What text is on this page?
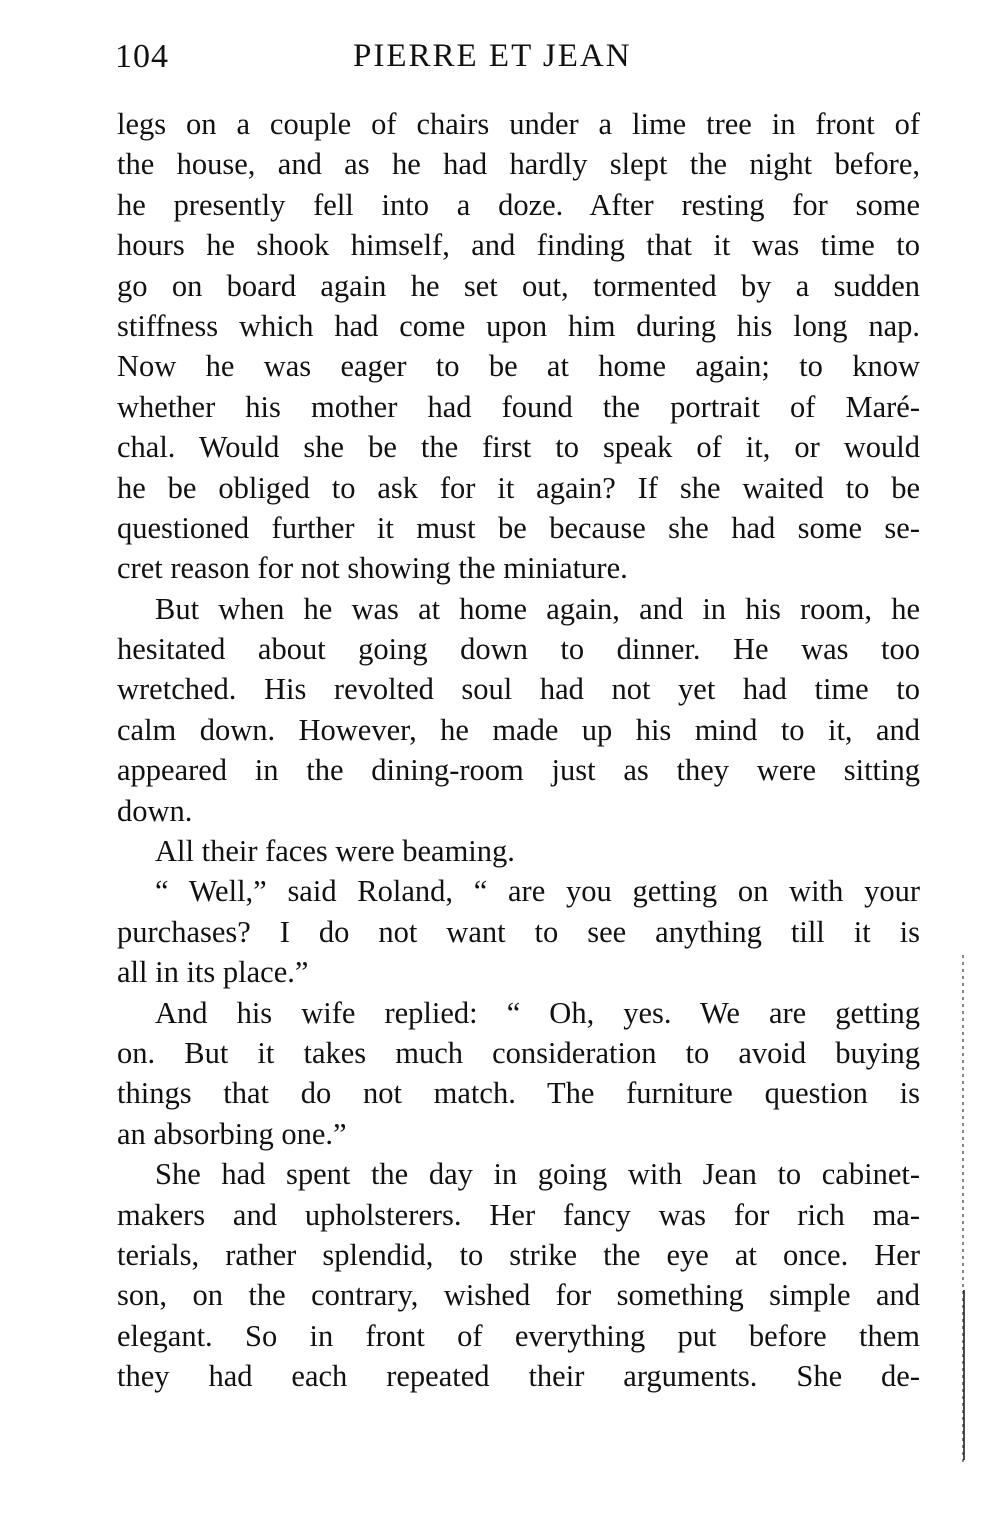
104	PIERRE ET JEAN
legs on a couple of chairs under a lime tree in front of
the house, and as he had hardly slept the night before,
he presently fell into a doze. After resting for some
hours he shook himself, and finding that it was time to
go on board again he set out, tormented by a sudden
stiffness which had come upon him during his long nap.
Now he was eager to be at home again; to know
whether his mother had found the portrait of Maré-
chal. Would she be the first to speak of it, or would
he be obliged to ask for it again? If she waited to be
questioned further it must be because she had some se-
cret reason for not showing the miniature.
But when he was at home again, and in his room, he
hesitated about going down to dinner. He was too
wretched. His revolted soul had not yet had time to
calm down. However, he made up his mind to it, and
appeared in the dining-room just as they were sitting
down.
All their faces were beaming.
“ Well,” said Roland, “ are you getting on with your
purchases? I do not want to see anything till it is
all in its place.”
And his wife replied: “ Oh, yes. We are getting
on. But it takes much consideration to avoid buying
things that do not match. The furniture question is
an absorbing one.”
She had spent the day in going with Jean to cabinet-
makers and upholsterers. Her fancy was for rich ma-
terials, rather splendid, to strike the eye at once. Her
son, on the contrary, wished for something simple and
elegant. So in front of everything put before them
they had each repeated their arguments. She de-
